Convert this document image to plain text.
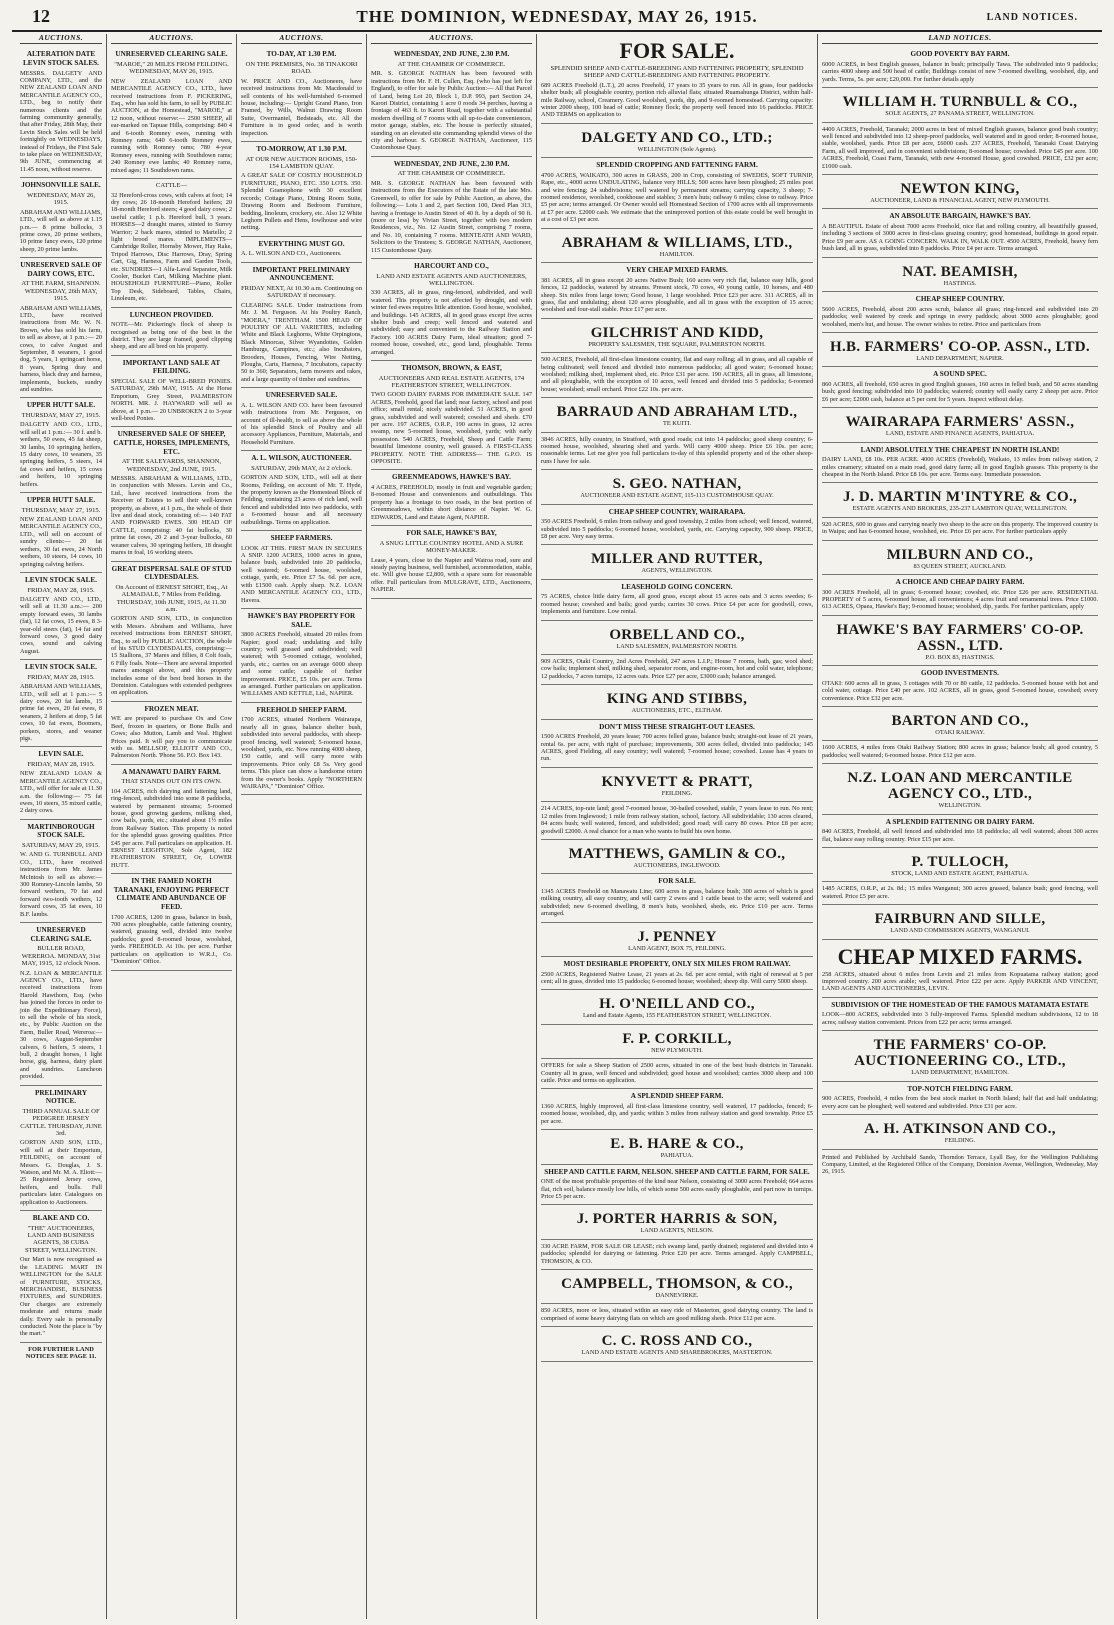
12	THE DOMINION, WEDNESDAY, MAY 26, 1915.	LAND NOTICES.
AUCTIONS.
ALTERATION DATE LEVIN STOCK SALES.

MESSRS. DALGETY AND COMPANY, LTD., and the NEW ZEALAND LOAN AND MERCANTILE AGENCY CO., LTD., beg to notify their numerous clients and the farming community generally, that after Friday, 28th May, their Levin Stock Sales will be held fortnightly on WEDNESDAYS, instead of Fridays, the First Sale to take place on WEDNESDAY, 9th JUNE, commencing at 11.45 noon, without reserve.

JOHNSONVILLE SALE.
WEDNESDAY, MAY 26, 1915.

ABRAHAM AND WILLIAMS, LTD., will sell as above at 1.15 p.m.— 8 prime bullocks, 3 prime cows, 20 prime wethers, 10 prime fancy ewes, 120 prime sheep, 20 prime lambs.

UNRESERVED SALE OF DAIRY COWS, ETC.
AT THE FARM, SHANNON. WEDNESDAY, 26th MAY, 1915.

ABRAHAM AND WILLIAMS, LTD., have received instructions from Mr. W. N. Brown, who has sold his farm, to sell as above, at 1 p.m.:— 20 cows, to calve August and September, 8 weaners, 1 good dog, 5 years, 1 springcart horse, 8 years, Spring dray and harness, black dray and harness, implements, buckets, sundry and sundries.

UPPER HUTT SALE.
THURSDAY, MAY 27, 1915.

DALGETY AND CO., LTD., will sell at 1 p.m.:— 30 f. and b. wethers, 50 ewes, 45 fat sheep, 30 lambs, 10 springing heifers, 15 dairy cows, 10 weaners, 35 springing heifers, 5 steers, 14 fat cows and heifers, 15 cows and heifers, 10 springing heifers.

UPPER HUTT SALE.
THURSDAY, MAY 27, 1915.

NEW ZEALAND LOAN AND MERCANTILE AGENCY CO., LTD., will sell on account of sundry clients:— 20 fat wethers, 30 fat ewes, 24 North wethers, 10 steers, 14 cows, 10 springing calving heifers.

LEVIN STOCK SALE.
FRIDAY, MAY 28, 1915.

DALGETY AND CO., LTD., will sell at 11.30 a.m.:— 200 empty forward ewes, 30 lambs (fat), 12 fat cows, 15 ewes, 8 3-year-old steers (fat), 14 fat and forward cows, 3 good dairy cows, sound and calving August.

LEVIN STOCK SALE.
FRIDAY, MAY 28, 1915.

ABRAHAM AND WILLIAMS, LTD., will sell at 1 p.m.:— 5 dairy cows, 20 fat lambs, 15 prime fat ewes, 20 fat ewes, 8 weaners, 2 heifers at drop, 5 fat cows, 10 fat ewes, Boomers, porkers, stores, and weaner pigs.

LEVIN SALE.
FRIDAY, MAY 28, 1915.

NEW ZEALAND LOAN & MERCANTILE AGENCY CO., LTD., will offer for sale at 11.30 a.m. the following:— 75 fat ewes, 10 steers, 35 mixed cattle, 2 dairy cows.

MARTINBOROUGH STOCK SALE.
SATURDAY, MAY 29, 1915.

W. AND G. TURNBULL AND CO., LTD., have received instructions from Mr. James McIntosh to sell as above:— 300 Romney-Lincoln lambs, 50 forward wethers, 70 fat and forward two-tooth wethers, 12 forward cows, 35 fat ewes, 10 B.F. lambs.

UNRESERVED CLEARING SALE.
BULLER ROAD, WEREROA. MONDAY, 31st MAY, 1915, 12 o'clock Noon.

N.Z. LOAN & MERCANTILE AGENCY CO., LTD., have received instructions from Harold Hawthorn, Esq. (who has joined the forces in order to join the Expeditionary Force), to sell the whole of his stock, etc., by Public Auction on the Farm, Buller Road, Wereroa:— 30 cows, August-September calvers, 6 heifers, 5 steers, 1 bull, 2 draught horses, 1 light horse, gig, harness, dairy plant and sundries. Luncheon provided.

PRELIMINARY NOTICE.
THIRD ANNUAL SALE OF PEDIGREE JERSEY CATTLE. THURSDAY, JUNE 3rd.

GORTON AND SON, LTD., will sell at their Emporium, FEILDING, on account of Messrs. G. Douglas, J. S. Watson, and Mr. M. A. Eliott:— 25 Registered Jersey cows, heifers, and bulls. Full particulars later. Catalogues on application to Auctioneers.

BLAKE AND CO.
"THE" AUCTIONEERS, LAND AND BUSINESS AGENTS, 38 CUBA STREET, WELLINGTON.

Our Mart is now recognised as the LEADING MART IN WELLINGTON for the SALE of FURNITURE, STOCKS, MERCHANDISE, BUSINESS FIXTURES, and SUNDRIES. Our charges are extremely moderate and returns made daily. Every sale is personally conducted. Note the place is "by the mart."

FOR FURTHER LAND NOTICES SEE PAGE 11.
AUCTIONS.
UNRESERVED CLEARING SALE.
"MAROE," 20 MILES FROM FEILDING. WEDNESDAY, MAY 26, 1915.

NEW ZEALAND LOAN AND MERCANTILE AGENCY CO., LTD., have received instructions from F. PICKERING, Esq., who has sold his farm, to sell by PUBLIC AUCTION, at the Homestead, "MAROE," at 12 noon, without reserve:— 2500 SHEEP, all ear-marked on Tapuae Hills, comprising: 840 4 and 6-tooth Romney ewes, running with Romney rams; 640 6-tooth Romney ewes, running with Romney rams; 780 4-year Romney ewes, running with Southdown rams; 240 Romney ewe lambs; 40 Romney rams, mixed ages; 11 Southdown rams.

CATTLE—

32 Hereford-cross cows, with calves at foot; 14 dry cows; 26 18-month Hereford heifers; 20 18-month Hereford steers; 4 good dairy cows; 2 useful cattle; 1 p.b. Hereford bull, 3 years. HORSES—2 draught mares, stinted to Surrey Warrior; 2 back mares, stinted to Martello; 2 light brood mares. IMPLEMENTS—Cambridge Roller, Hornsby Mower, Hay Rake, Tripod Harrows, Disc Harrows, Dray, Spring Cart, Gig, Harness, Farm and Garden Tools, etc. SUNDRIES—1 Alfa-Laval Separator, Milk Cooler, Bucket Cart, Milking Machine plant. HOUSEHOLD FURNITURE—Piano, Roller Top Desk, Sideboard, Tables, Chairs, Linoleum, etc.

LUNCHEON PROVIDED.

NOTE—Mr. Pickering's flock of sheep is recognised as being one of the best in the district. They are large framed, good clipping sheep, and are all bred on his property.

IMPORTANT LAND SALE AT FEILDING.

SPECIAL SALE OF WELL-BRED PONIES. SATURDAY, 29th MAY, 1915. At the Horse Emporium, Grey Street, PALMERSTON NORTH. MR. J. HAYWARD will sell as above, at 1 p.m.— 20 UNBROKEN 2 to 3-year well-bred Ponies.

UNRESERVED SALE OF SHEEP, CATTLE, HORSES, IMPLEMENTS, ETC.
AT THE SALEYARDS, SHANNON, WEDNESDAY, 2nd JUNE, 1915.

MESSRS. ABRAHAM & WILLIAMS, LTD., in conjunction with Messrs. Levin and Co., Ltd., have received instructions from the Receiver of Estates to sell their well-known property, as above, at 1 p.m., the whole of their live and dead stock, consisting of:— 140 FAT AND FORWARD EWES. 300 HEAD OF CATTLE, comprising: 40 fat bullocks, 30 prime fat cows, 20 2 and 3-year bullocks, 60 weaner calves, 30 springing heifers, 18 draught mares in foal, 16 working steers.

GREAT DISPERSAL SALE OF STUD CLYDESDALES.
On Account of ERNEST SHORT, Esq., At ALMADALE, 7 Miles from Feilding. THURSDAY, 10th JUNE, 1915, At 11.30 a.m.

GORTON AND SON, LTD., in conjunction with Messrs. Abraham and Williams, have received instructions from ERNEST SHORT, Esq., to sell by PUBLIC AUCTION, the whole of his STUD CLYDESDALES, comprising:— 15 Stallions, 37 Mares and fillies, 8 Colt foals, 6 Filly foals. Note—There are several imported mares amongst above, and this property includes some of the best bred horses in the Dominion. Catalogues with extended pedigrees on application.

FROZEN MEAT.

WE are prepared to purchase Ox and Cow Beef, frozen in quarters, or Bone Bulls and Cows; also Mutton, Lamb and Veal. Highest Prices paid. It will pay you to communicate with us. MELLSOP, ELLIOTT AND CO., Palmerston North. 'Phone 56. P.O. Box 143.

A MANAWATU DAIRY FARM.
THAT STANDS OUT ON ITS OWN.

104 ACRES, rich dairying and fattening land, ring-fenced, subdivided into some 8 paddocks, watered by permanent streams; 5-roomed house, good growing gardens, milking shed, cow bails, yards, etc.; situated about 1½ miles from Railway Station. This property is noted for the splendid grass growing qualities. Price £45 per acre. Full particulars on application. H. ERNEST LEIGHTON, Sole Agent, 182 FEATHERSTON STREET, Or, LOWER HUTT.

IN THE FAMED NORTH TARANAKI, ENJOYING PERFECT CLIMATE AND ABUNDANCE OF FEED.

1700 ACRES, 1200 in grass, balance in bush, 700 acres ploughable, cattle fattening country, watered, grassing well, divided into twelve paddocks; good 8-roomed house, woolshed, yards. FREEHOLD. At 10s. per acre. Further particulars on application to W.R.J., Co. "Dominion" Office.

AUCTIONS.
TO-DAY, AT 1.30 P.M.
ON THE PREMISES, No. 38 TINAKORI ROAD.

W. PRICE AND CO., Auctioneers, have received instructions from Mr. Macdonald to sell contents of his well-furnished 6-roomed house, including:— Upright Grand Piano, Iron Framed, by Wills, Walnut Drawing Room Suite, Overmantel, Bedsteads, etc. All the Furniture is in good order, and is worth inspection.

TO-MORROW, AT 1.30 P.M.
AT OUR NEW AUCTION ROOMS, 150-154 LAMBTON QUAY.

A GREAT SALE OF COSTLY HOUSEHOLD FURNITURE, PIANO, ETC. 350 LOTS. 350. Splendid Gramophone with 30 excellent records; Cottage Piano, Dining Room Suite, Drawing Room and Bedroom Furniture, bedding, linoleum, crockery, etc. Also 12 White Leghorn Pullets and Hens, fowlhouse and wire netting.

EVERYTHING MUST GO.

A. L. WILSON AND CO., Auctioneers.

IMPORTANT PRELIMINARY ANNOUNCEMENT.
FRIDAY NEXT, At 10.30 a.m. Continuing on SATURDAY if necessary.

CLEARING SALE. Under instructions from Mr. J. M. Ferguson. At his Poultry Ranch, "MOERA," TRENTHAM. 1500 HEAD OF POULTRY OF ALL VARIETIES, including White and Black Leghorns, White Orpingtons, Black Minorcas, Silver Wyandottes, Golden Hamburgs, Campines, etc.; also Incubators, Brooders, Houses, Fencing, Wire Netting, Ploughs, Carts, Harness, 7 Incubators, capacity 50 to 360; Separators, farm mowers and rakes, and a large quantity of timber and sundries.

UNRESERVED SALE.

A. L. WILSON AND CO. have been favoured with instructions from Mr. Ferguson, on account of ill-health, to sell as above the whole of his splendid Stock of Poultry and all accessory Appliances, Furniture, Materials, and Household Furniture.

A. L. WILSON, AUCTIONEER.
SATURDAY, 29th MAY, At 2 o'clock.

GORTON AND SON, LTD., will sell at their Rooms, Feilding, on account of Mr. T. Hyde, the property known as the Homestead Block of Feilding, containing 23 acres of rich land, well fenced and subdivided into two paddocks, with a 6-roomed house and all necessary outbuildings. Terms on application.

SHEEP FARMERS.

LOOK AT THIS. FIRST MAN IN SECURES A SNIP. 1200 ACRES, 1000 acres in grass, balance bush, subdivided into 20 paddocks, well watered; 6-roomed house, woolshed, cottage, yards, etc. Price £7 5s. 6d. per acre, with £1500 cash. Apply sharp. N.Z. LOAN AND MERCANTILE AGENCY CO., LTD., Havera.

HAWKE'S BAY PROPERTY FOR SALE.

3800 ACRES Freehold, situated 20 miles from Napier; good road; undulating and hilly country; well grassed and subdivided; well watered; with 5-roomed cottage, woolshed, yards, etc.; carries on an average 6000 sheep and some cattle; capable of further improvement. PRICE, £5 10s. per acre. Terms as arranged. Further particulars on application. WILLIAMS AND KETTLE, Ltd., NAPIER.

FREEHOLD SHEEP FARM.

1700 ACRES, situated Northern Wairarapa, nearly all in grass, balance shelter bush, subdivided into several paddocks, with sheep-proof fencing, well watered; 5-roomed house, woolshed, yards, etc. Now running 4000 sheep, 150 cattle, and will carry more with improvements. Price only £8 5s. Very good terms. This place can show a handsome return from the owner's books. Apply "NORTHERN WAIRAPA," "Dominion" Office.

AUCTIONS.
WEDNESDAY, 2ND JUNE, 2.30 P.M.
AT THE CHAMBER OF COMMERCE.

MR. S. GEORGE NATHAN has been favoured with instructions from Mr. F. H. Cullen, Esq. (who has just left for England), to offer for sale by Public Auction:— All that Parcel of Land, being Lot 20, Block 1, D.P. 993, part Section 24, Karori District, containing 1 acre 0 roods 34 perches, having a frontage of 463 ft. to Karori Road, together with a substantial modern dwelling of 7 rooms with all up-to-date conveniences, motor garage, stables, etc. The house is perfectly situated, standing on an elevated site commanding splendid views of the city and harbour. S. GEORGE NATHAN, Auctioneer, 115 Customhouse Quay.

WEDNESDAY, 2ND JUNE, 2.30 P.M.
AT THE CHAMBER OF COMMERCE.

MR. S. GEORGE NATHAN has been favoured with instructions from the Executors of the Estate of the late Mrs. Greenwell, to offer for sale by Public Auction, as above, the following:— Lots 1 and 2, part Section 100, Deed Plan 313, having a frontage to Austin Street of 40 ft. by a depth of 90 ft. (more or less) by Vivian Street, together with two modern Residences, viz., No. 12 Austin Street, comprising 7 rooms, and No. 10, containing 7 rooms. MENTEATH AND WARD, Solicitors to the Trustees; S. GEORGE NATHAN, Auctioneer, 115 Customhouse Quay.

HARCOURT AND CO.,
LAND AND ESTATE AGENTS AND AUCTIONEERS, WELLINGTON.

330 ACRES, all in grass, ring-fenced, subdivided, and well watered. This property is not affected by drought, and with winter fed ewes requires little attention. Good house, woolshed, and buildings. 145 ACRES, all in good grass except five acres shelter bush and creep; well fenced and watered and subdivided; easy and convenient to the Railway Station and Factory. 100 ACRES Dairy Farm, ideal situation; good 7-roomed house, cowshed, etc., good land, ploughable. Terms arranged.

THOMSON, BROWN, & EAST,
AUCTIONEERS AND REAL ESTATE AGENTS, 174 FEATHERSTON STREET, WELLINGTON.

TWO GOOD DAIRY FARMS FOR IMMEDIATE SALE. 147 ACRES, Freehold, good flat land; near factory, school and post office; small rental; nicely subdivided. 51 ACRES, in good grass, subdivided and well watered; cowshed and sheds. £70 per acre. 197 ACRES, O.R.P., 190 acres in grass, 12 acres swamp, new 5-roomed house, woolshed, yards; with early possession. 540 ACRES, Freehold, Sheep and Cattle Farm; beautiful limestone country, well grassed. A FIRST-CLASS PROPERTY. NOTE THE ADDRESS— THE G.P.O. IS OPPOSITE.

GREENMEADOWS, HAWKE'S BAY.

4 ACRES, FREEHOLD, mostly in fruit and vegetable garden; 8-roomed House and conveniences and outbuildings. This property has a frontage to two roads, in the best portion of Greenmeadows, within short distance of Napier. W. G. EDWARDS, Land and Estate Agent, NAPIER.

FOR SALE, HAWKE'S BAY,
A SNUG LITTLE COUNTRY HOTEL AND A SURE MONEY-MAKER.

Lease, 4 years, close to the Napier and Wairoa road, sure and steady paying business, well furnished, accommodation, stable, etc. Will give house £2,800, with a spare sum for reasonable offer. Full particulars from MULGRAVE, LTD., Auctioneers, NAPIER.

FOR SALE.
SPLENDID SHEEP AND CATTLE-BREEDING AND FATTENING PROPERTY, SPLENDID SHEEP AND CATTLE-BREEDING AND FATTENING PROPERTY.

689 ACRES Freehold (L.T.), 20 acres Freehold, 17 years to 35 years to run. All in grass, four paddocks shelter bush; all ploughable country, portion rich alluvial flats; situated Ruamahunga District, within half-mile Railway, school, Creamery. Good woolshed, yards, dip, and 9-roomed homestead. Carrying capacity: winter 2000 sheep, 100 head of cattle; Romney flock; the property well fenced into 16 paddocks. PRICE AND TERMS on application to

DALGETY AND CO., LTD.;
WELLINGTON (Sole Agents).
SPLENDID CROPPING AND FATTENING FARM.

4700 ACRES, WAIKATO, 300 acres in GRASS, 200 in Crop, consisting of SWEDES, SOFT TURNIP, Rape, etc., 4000 acres UNDULATING, balance very HILLS; 500 acres have been ploughed; 25 miles post and wire fencing; 24 subdivisions; well watered by permanent streams; carrying capacity, 3 sheep; 7-roomed residence, woolshed, cookhouse and stables; 3 men's huts; railway 6 miles; close to railway. Price £5 per acre; terms arranged. Or Owner would sell Homestead Section of 1700 acres with all improvements at £7 per acre. £2000 cash. We estimate that the unimproved portion of this estate could be well brought in at a cost of £3 per acre.

ABRAHAM & WILLIAMS, LTD.,
HAMILTON.
VERY CHEAP MIXED FARMS.

381 ACRES, all in grass except 20 acres Native Bush; 160 acres very rich flat, balance easy hills, good fences, 12 paddocks, watered by streams. Present stock, 70 cows, 40 young cattle, 10 horses, and 480 sheep. Six miles from large town; Good house, 1 large woolshed. Price £23 per acre. 311 ACRES, all in grass, flat and undulating; about 120 acres ploughable, and all in grass with the exception of 15 acres; woolshed and four-stall stable. Price £17 per acre.

GILCHRIST AND KIDD,
PROPERTY SALESMEN, THE SQUARE, PALMERSTON NORTH.

500 ACRES, Freehold, all first-class limestone country, flat and easy rolling; all in grass, and all capable of being cultivated; well fenced and divided into numerous paddocks; all good water; 6-roomed house; woolshed; milking shed, implement shed, etc. Price £31 per acre. 190 ACRES, all in grass, all limestone, and all ploughable, with the exception of 10 acres, well fenced and divided into 5 paddocks; 6-roomed house; woolshed; small orchard. Price £22 10s. per acre.

BARRAUD AND ABRAHAM LTD.,
TE KUITI.

3846 ACRES, hilly country, in Stratford, with good roads; cut into 14 paddocks; good sheep country; 6-roomed house, woolshed, shearing shed and yards. Will carry 4000 sheep. Price £6 10s. per acre; reasonable terms. Let me give you full particulars to-day of this splendid property and of the other sheep-runs I have for sale.

S. GEO. NATHAN,
AUCTIONEER AND ESTATE AGENT, 115-113 CUSTOMHOUSE QUAY.
CHEAP SHEEP COUNTRY, WAIRARAPA.

350 ACRES Freehold, 6 miles from railway and good township, 2 miles from school; well fenced, watered, subdivided into 5 paddocks; 6-roomed house, woolshed, yards, etc. Carrying capacity, 900 sheep. PRICE, £8 per acre. Very easy terms.

MILLER AND RUTTER,
AGENTS, WELLINGTON.
LEASEHOLD GOING CONCERN.

75 ACRES, choice little dairy farm, all good grass, except about 15 acres oats and 3 acres swedes; 6-roomed house; cowshed and bails; good yards; carries 30 cows. Price £4 per acre for goodwill, cows, implements and furniture. Low rental.

ORBELL AND CO.,
LAND SALESMEN, PALMERSTON NORTH.

909 ACRES, Otaki Country, 2nd Acres Freehold, 247 acres L.I.P.; House 7 rooms, bath, gas; wool shed; cow bails; implement shed, milking shed, separator room, and engine-room, hot and cold water, telephone; 12 paddocks, 7 acres turnips, 12 acres oats. Price £27 per acre, £3000 cash; balance arranged.

KING AND STIBBS,
AUCTIONEERS, ETC., ELTHAM.
DON'T MISS THESE STRAIGHT-OUT LEASES.

1500 ACRES Freehold, 20 years lease; 700 acres felled grass, balance bush; straight-out lease of 21 years, rental 6s. per acre, with right of purchase; improvements, 300 acres felled, divided into paddocks; 145 ACRES, good Fielding, all easy country; well watered; 7-roomed house; cowshed. Lease has 4 years to run.

KNYVETT & PRATT,
FEILDING.

214 ACRES, top-rate land; good 7-roomed house, 30-bailed cowshed, stable, 7 years lease to run. No rent; 12 miles from Inglewood; 1 mile from railway station, school, factory. All subdividable; 130 acres cleared, 84 acres bush; well watered, fenced, and subdivided; good road; will carry 80 cows. Price £8 per acre; goodwill £2000. A real chance for a man who wants to build his own home.

MATTHEWS, GAMLIN & CO.,
AUCTIONEERS, INGLEWOOD.
FOR SALE.

1345 ACRES Freehold on Manawatu Line; 600 acres in grass, balance bush; 300 acres of which is good milking country, all easy country, and will carry 2 ewes and 1 cattle beast to the acre; well watered and subdivided; new 6-roomed dwelling, 8 men's huts, woolshed, sheds, etc. Price £10 per acre. Terms arranged.

J. PENNEY
LAND AGENT, BOX 75, FEILDING.
MOST DESIRABLE PROPERTY, ONLY SIX MILES FROM RAILWAY.

2500 ACRES, Registered Native Lease, 21 years at 2s. 6d. per acre rental, with right of renewal at 5 per cent; all in grass, divided into 15 paddocks; 6-roomed house; woolshed; sheep dip. Will carry 5000 sheep.

H. O'NEILL AND CO.,
Land and Estate Agents, 155 FEATHERSTON STREET, WELLINGTON.
F. P. CORKILL,
NEW PLYMOUTH.

OFFERS for sale a Sheep Station of 2500 acres, situated in one of the best bush districts in Taranaki. Country all in grass, well fenced and subdivided; good house and woolshed; carries 3000 sheep and 100 cattle. Price and terms on application.

A SPLENDID SHEEP FARM.

1360 ACRES, highly improved, all first-class limestone country, well watered, 17 paddocks, fenced; 6-roomed house, woolshed, dip, and yards; within 3 miles from railway station and good township. Price £5 per acre.

E. B. HARE & CO.,
PAHIATUA.
SHEEP AND CATTLE FARM, NELSON. SHEEP AND CATTLE FARM, FOR SALE.

ONE of the most profitable properties of the kind near Nelson, consisting of 3000 acres Freehold; 664 acres flat, rich soil, balance mostly low hills, of which some 500 acres easily ploughable, and part now in turnips. Price £5 per acre.

J. PORTER HARRIS & SON,
LAND AGENTS, NELSON.

330 ACRE FARM, FOR SALE OR LEASE; rich swamp land, partly drained; registered and divided into 4 paddocks; splendid for dairying or fattening. Price £20 per acre. Terms arranged. Apply CAMPBELL, THOMSON, & CO.

CAMPBELL, THOMSON, & CO.,
DANNEVIRKE.

850 ACRES, more or less, situated within an easy ride of Masterton, good dairying country. The land is comprised of some heavy dairying flats on which are good milking sheds. Price £12 per acre.

C. C. ROSS AND CO.,
LAND AND ESTATE AGENTS AND SHAREBROKERS, MASTERTON.
LAND NOTICES.
GOOD POVERTY BAY FARM.

6000 ACRES, in best English grasses, balance in bush; principally Tawa. The subdivided into 9 paddocks; carries 4000 sheep and 500 head of cattle; Buildings consist of new 7-roomed dwelling, woolshed, dip, and yards. Terms, 5s. per acre; £20,000. For further details apply

WILLIAM H. TURNBULL & CO.,
SOLE AGENTS, 27 PANAMA STREET, WELLINGTON.

4400 ACRES, Freehold, Taranaki; 2000 acres in best of mixed English grasses, balance good bush country; well fenced and subdivided into 12 sheep-proof paddocks, well watered and in good order; 8-roomed house, stable, woolshed, yards. Price £8 per acre, £6000 cash. 237 ACRES, Freehold, Taranaki Coast Dairying Farm, all well improved, and in convenient subdivisions; 8-roomed house; cowshed. Price £45 per acre. 100 ACRES, Freehold, Coast Farm, Taranaki, with new 4-roomed House, good cowshed. PRICE, £32 per acre; £1000 cash.

NEWTON KING,
AUCTIONEER, LAND & FINANCIAL AGENT, NEW PLYMOUTH.
AN ABSOLUTE BARGAIN, HAWKE'S BAY.

A BEAUTIFUL Estate of about 7000 acres Freehold, nice flat and rolling country, all beautifully grassed, including 3 sections of 3000 acres in first-class grazing country; good homestead, buildings in good repair. Price £9 per acre. AS A GOING CONCERN. WALK IN, WALK OUT. 4500 ACRES, Freehold, heavy fern bush land, all in grass, subdivided into 8 paddocks. Price £4 per acre. Terms arranged.

NAT. BEAMISH,
HASTINGS.
CHEAP SHEEP COUNTRY.

5600 ACRES, Freehold, about 200 acres scrub, balance all grass; ring-fenced and subdivided into 20 paddocks; well watered by creek and springs in every paddock; about 3000 acres ploughable; good woolshed, men's hut, and house. The owner wishes to retire. Price and particulars from

H.B. FARMERS' CO-OP. ASSN., LTD.
LAND DEPARTMENT, NAPIER.
A SOUND SPEC.

860 ACRES, all freehold, 650 acres in good English grasses, 160 acres in felled bush, and 50 acres standing bush; good fencing; subdivided into 10 paddocks; watered; country will easily carry 2 sheep per acre. Price £6 per acre; £2000 cash, balance at 5 per cent for 5 years. Inspect without delay.

WAIRARAPA FARMERS' ASSN.,
LAND, ESTATE AND FINANCE AGENTS, PAHIATUA.
LAND! ABSOLUTELY THE CHEAPEST IN NORTH ISLAND!

DAIRY LAND, £8 10s. PER ACRE. 4000 ACRES (Freehold), Waikato, 13 miles from railway station, 2 miles creamery; situated on a main road, good dairy farm; all in good English grasses. This property is the cheapest in the North Island. Price £8 10s. per acre. Terms easy. Immediate possession.

J. D. MARTIN M'INTYRE & CO.,
ESTATE AGENTS AND BROKERS, 235-237 LAMBTON QUAY, WELLINGTON.

920 ACRES, 600 in grass and carrying nearly two sheep to the acre on this property. The improved country is in Waipu; and has 6-roomed house, woolshed, etc. Price £6 per acre. For further particulars apply

MILBURN AND CO.,
83 QUEEN STREET, AUCKLAND.
A CHOICE AND CHEAP DAIRY FARM.

300 ACRES Freehold, all in grass; 6-roomed house; cowshed, etc. Price £26 per acre. RESIDENTIAL PROPERTY of 5 acres, 6-roomed house, all conveniences; 4 acres fruit and ornamental trees. Price £1000. 613 ACRES, Opaea, Hawke's Bay; 9-roomed house; woolshed, dip, yards. For further particulars, apply

HAWKE'S BAY FARMERS' CO-OP. ASSN., LTD.
P.O. BOX 83, HASTINGS.
GOOD INVESTMENTS.

OTAKI: 600 acres all in grass, 3 cottages with 70 or 80 cattle, 12 paddocks. 5-roomed house with hot and cold water, cottage. Price £40 per acre. 102 ACRES, all in grass, good 5-roomed house, cowshed; every convenience. Price £32 per acre.

BARTON AND CO.,
OTAKI RAILWAY.

1600 ACRES, 4 miles from Otaki Railway Station; 800 acres in grass; balance bush; all good country, 5 paddocks; well watered; 6-roomed house. Price £12 per acre.

N.Z. LOAN AND MERCANTILE AGENCY CO., LTD.,
WELLINGTON.
A SPLENDID FATTENING OR DAIRY FARM.

840 ACRES, Freehold, all well fenced and subdivided into 18 paddocks; all well watered; about 300 acres flat, balance easy rolling country. Price £15 per acre.

P. TULLOCH,
STOCK, LAND AND ESTATE AGENT, PAHIATUA.

1485 ACRES, O.R.P., at 2s. 8d.; 15 miles Wanganui; 300 acres grassed, balance bush; good fencing, well watered. Price £5 per acre.

FAIRBURN AND SILLE,
LAND AND COMMISSION AGENTS, WANGANUI.
CHEAP MIXED FARMS.

258 ACRES, situated about 6 miles from Levin and 21 miles from Kopuatama railway station; good improved country. 200 acres arable; well watered. Price £22 per acre. Apply PARKER AND VINCENT, LAND AGENTS AND AUCTIONEERS, LEVIN.

SUBDIVISION OF THE HOMESTEAD OF THE FAMOUS MATAMATA ESTATE

LOOK—800 ACRES, subdivided into 3 fully-improved Farms. Splendid medium subdivisions, 12 to 18 acres; railway station convenient. Prices from £22 per acre; terms arranged.

THE FARMERS' CO-OP. AUCTIONEERING CO., LTD.,
LAND DEPARTMENT, HAMILTON.
TOP-NOTCH FIELDING FARM.

900 ACRES, Freehold, 4 miles from the best stock market in North Island; half flat and half undulating; every acre can be ploughed; well watered and subdivided. Price £31 per acre.

A. H. ATKINSON AND CO.,
FEILDING.
Printed and Published by Archibald Sando, Thorndon Terrace, Lyall Bay, for the Wellington Publishing Company, Limited, at the Registered Office of the Company, Dominion Avenue, Wellington, Wednesday, May 26, 1915.
